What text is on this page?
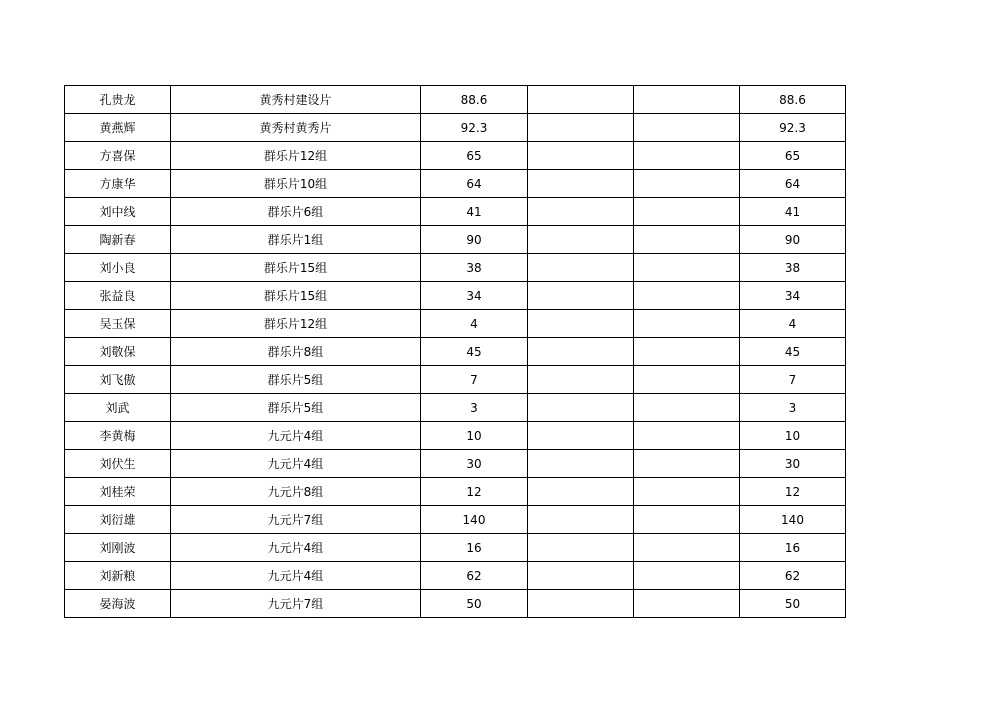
孔贵龙	黄秀村建设片	88.6			88.6
黄燕辉	黄秀村黄秀片	92.3			92.3
方喜保	群乐片12组	65			65
方康华	群乐片10组	64			64
刘中线	群乐片6组	41			41
陶新春	群乐片1组	90			90
刘小良	群乐片15组	38			38
张益良	群乐片15组	34			34
吴玉保	群乐片12组	4			4
刘敬保	群乐片8组	45			45
刘飞傲	群乐片5组	7			7
刘武	群乐片5组	3			3
李黄梅	九元片4组	10			10
刘伏生	九元片4组	30			30
刘桂荣	九元片8组	12			12
刘衍雄	九元片7组	140			140
刘刚波	九元片4组	16			16
刘新粮	九元片4组	62			62
晏海波	九元片7组	50			50
